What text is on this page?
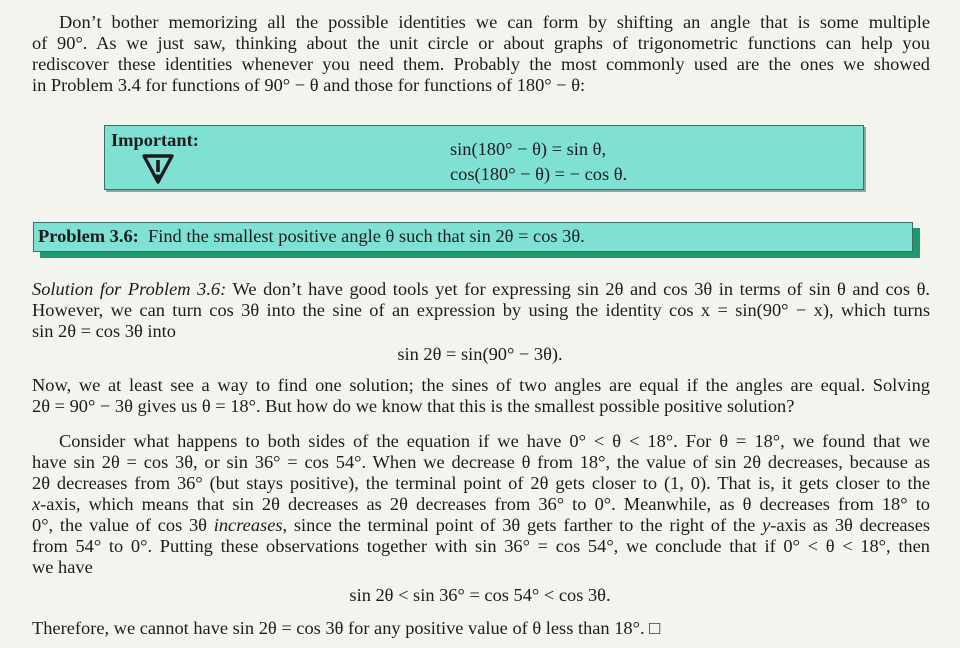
Don’t bother memorizing all the possible identities we can form by shifting an angle that is some multiple
of 90°. As we just saw, thinking about the unit circle or about graphs of trigonometric functions can help you
rediscover these identities whenever you need them. Probably the most commonly used are the ones we showed
in Problem 3.4 for functions of 90° − θ and those for functions of 180° − θ:
Important:	sin(180° − θ) = sin θ,
cos(180° − θ) = − cos θ.
Problem 3.6: Find the smallest positive angle θ such that sin 2θ = cos 3θ.
Solution for Problem 3.6: We don’t have good tools yet for expressing sin 2θ and cos 3θ in terms of sin θ and cos θ.
However, we can turn cos 3θ into the sine of an expression by using the identity cos x = sin(90° − x), which turns
sin 2θ = cos 3θ into
sin 2θ = sin(90° − 3θ).
Now, we at least see a way to find one solution; the sines of two angles are equal if the angles are equal. Solving
2θ = 90° − 3θ gives us θ = 18°. But how do we know that this is the smallest possible positive solution?
Consider what happens to both sides of the equation if we have 0° < θ < 18°. For θ = 18°, we found that we
have sin 2θ = cos 3θ, or sin 36° = cos 54°. When we decrease θ from 18°, the value of sin 2θ decreases, because as
2θ decreases from 36° (but stays positive), the terminal point of 2θ gets closer to (1, 0). That is, it gets closer to the
x-axis, which means that sin 2θ decreases as 2θ decreases from 36° to 0°. Meanwhile, as θ decreases from 18° to
0°, the value of cos 3θ increases, since the terminal point of 3θ gets farther to the right of the y-axis as 3θ decreases
from 54° to 0°. Putting these observations together with sin 36° = cos 54°, we conclude that if 0° < θ < 18°, then
we have
sin 2θ < sin 36° = cos 54° < cos 3θ.
Therefore, we cannot have sin 2θ = cos 3θ for any positive value of θ less than 18°. □
